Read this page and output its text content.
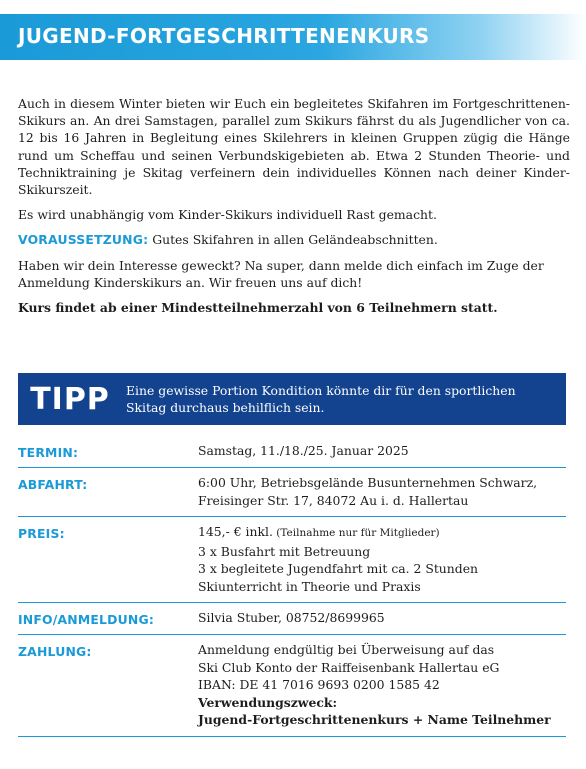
JUGEND-FORTGESCHRITTENENKURS

Auch in diesem Winter bieten wir Euch ein begleitetes Skifahren im Fortgeschrittenen-Skikurs an. An drei Samstagen, parallel zum Skikurs fährst du als Jugendlicher von ca. 12 bis 16 Jahren in Begleitung eines Skilehrers in kleinen Gruppen zügig die Hänge rund um Scheffau und seinen Verbundskigebieten ab. Etwa 2 Stunden Theorie- und Techniktraining je Skitag verfeinern dein individuelles Können nach deiner Kinder-Skikurszeit.

Es wird unabhängig vom Kinder-Skikurs individuell Rast gemacht.

VORAUSSETZUNG: Gutes Skifahren in allen Geländeabschnitten.

Haben wir dein Interesse geweckt? Na super, dann melde dich einfach im Zuge der Anmeldung Kinderskikurs an. Wir freuen uns auf dich!

Kurs findet ab einer Mindestteilnehmerzahl von 6 Teilnehmern statt.

TIPP	Eine gewisse Portion Kondition könnte dir für den sportlichen Skitag durchaus behilflich sein.
TERMIN:	Samstag, 11./18./25. Januar 2025
ABFAHRT:	6:00 Uhr, Betriebsgelände Busunternehmen Schwarz,
Freisinger Str. 17, 84072 Au i. d. Hallertau
PREIS:	145,- € inkl. (Teilnahme nur für Mitglieder)
3 x Busfahrt mit Betreuung
3 x begleitete Jugendfahrt mit ca. 2 Stunden
Skiunterricht in Theorie und Praxis
INFO/ANMELDUNG:	Silvia Stuber, 08752/8699965
ZAHLUNG:	Anmeldung endgültig bei Überweisung auf das
Ski Club Konto der Raiffeisenbank Hallertau eG
IBAN: DE 41 7016 9693 0200 1585 42
Verwendungszweck:
Jugend-Fortgeschrittenenkurs + Name Teilnehmer
